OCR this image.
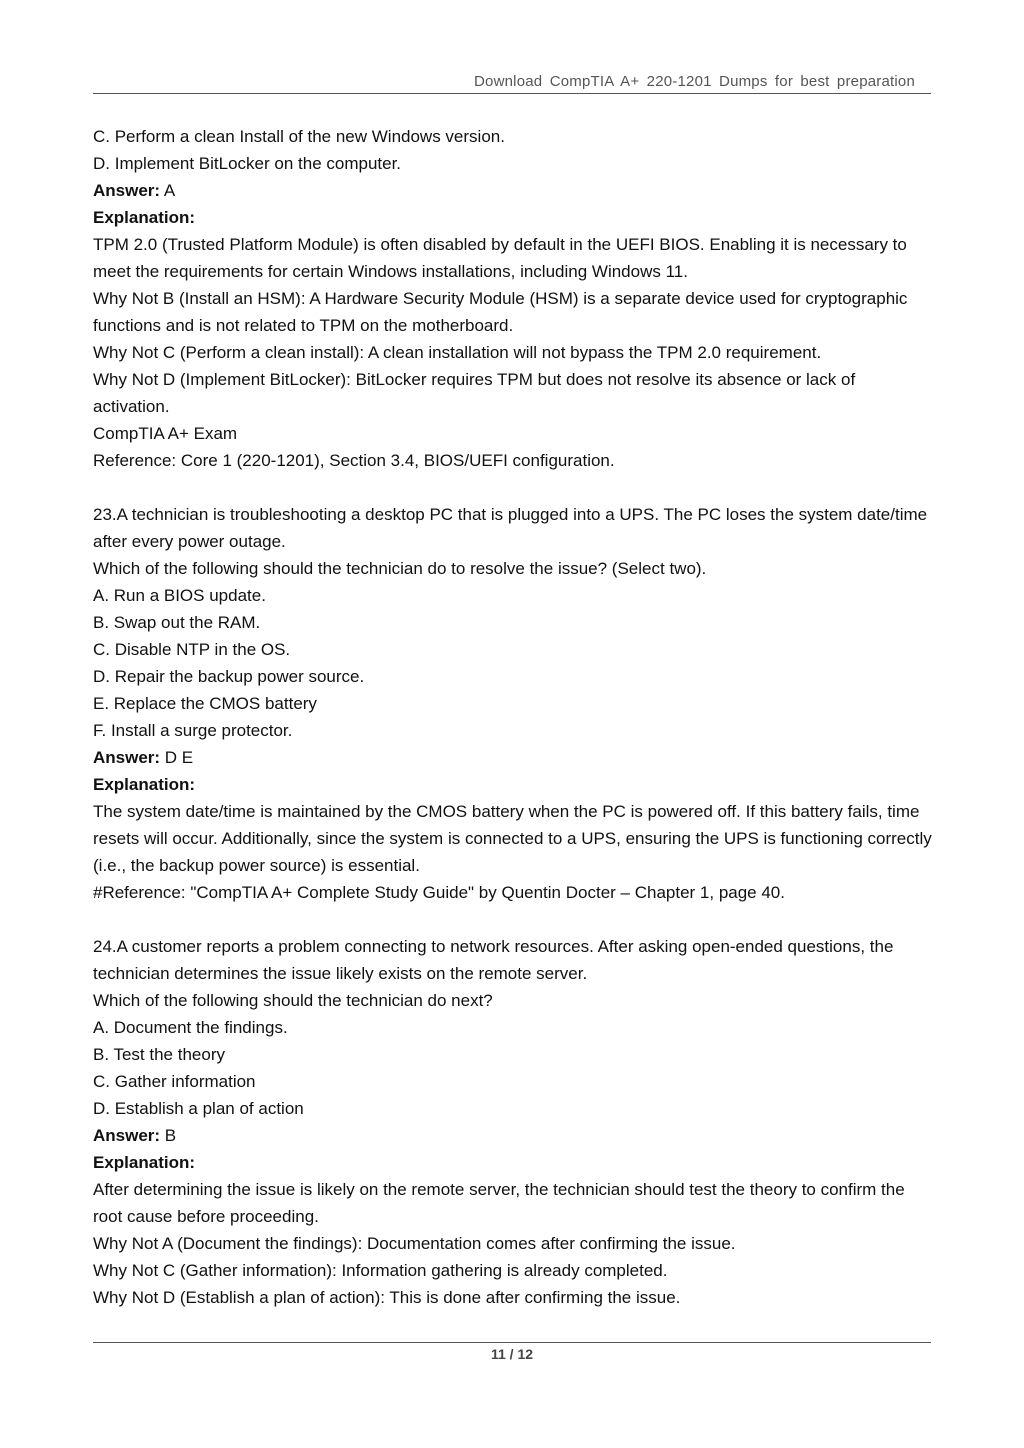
Download CompTIA A+ 220-1201 Dumps for best preparation
C. Perform a clean Install of the new Windows version.
D. Implement BitLocker on the computer.
Answer: A
Explanation:

TPM 2.0 (Trusted Platform Module) is often disabled by default in the UEFI BIOS. Enabling it is necessary to meet the requirements for certain Windows installations, including Windows 11.

Why Not B (Install an HSM): A Hardware Security Module (HSM) is a separate device used for cryptographic functions and is not related to TPM on the motherboard.

Why Not C (Perform a clean install): A clean installation will not bypass the TPM 2.0 requirement.

Why Not D (Implement BitLocker): BitLocker requires TPM but does not resolve its absence or lack of activation.

CompTIA A+ Exam
Reference: Core 1 (220-1201), Section 3.4, BIOS/UEFI configuration.

23.A technician is troubleshooting a desktop PC that is plugged into a UPS. The PC loses the system date/time after every power outage.

Which of the following should the technician do to resolve the issue? (Select two).
A. Run a BIOS update.
B. Swap out the RAM.
C. Disable NTP in the OS.
D. Repair the backup power source.
E. Replace the CMOS battery
F. Install a surge protector.
Answer: D E
Explanation:

The system date/time is maintained by the CMOS battery when the PC is powered off. If this battery fails, time resets will occur. Additionally, since the system is connected to a UPS, ensuring the UPS is functioning correctly (i.e., the backup power source) is essential.

#Reference: "CompTIA A+ Complete Study Guide" by Quentin Docter – Chapter 1, page 40.

24.A customer reports a problem connecting to network resources. After asking open-ended questions, the technician determines the issue likely exists on the remote server.

Which of the following should the technician do next?
A. Document the findings.
B. Test the theory
C. Gather information
D. Establish a plan of action
Answer: B
Explanation:

After determining the issue is likely on the remote server, the technician should test the theory to confirm the root cause before proceeding.

Why Not A (Document the findings): Documentation comes after confirming the issue.
Why Not C (Gather information): Information gathering is already completed.
Why Not D (Establish a plan of action): This is done after confirming the issue.
11 / 12
